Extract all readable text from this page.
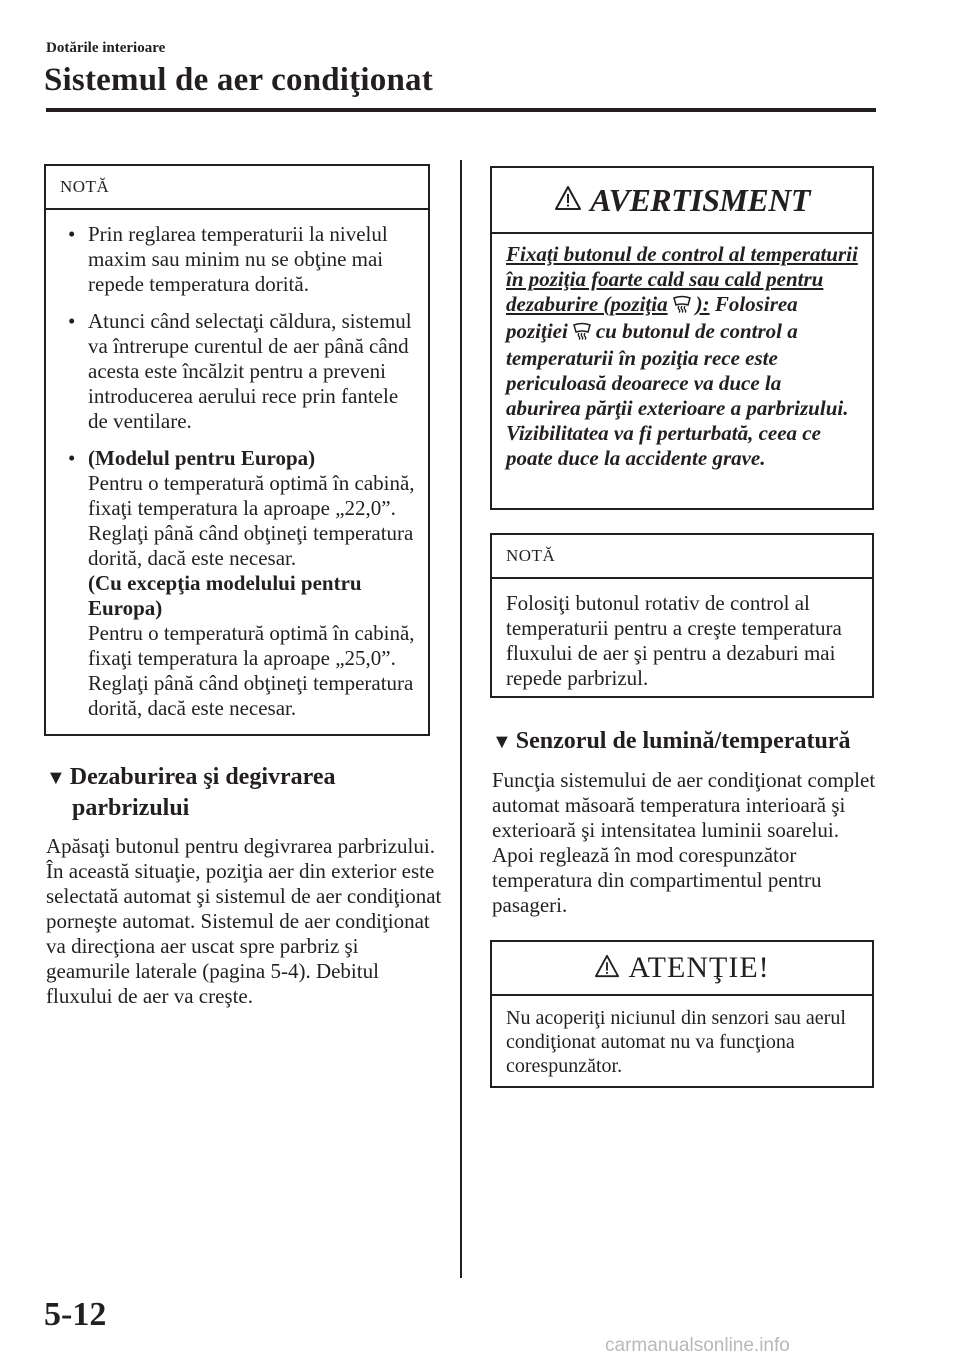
Dotările interioare
Sistemul de aer condiţionat
NOTĂ
• Prin reglarea temperaturii la nivelul maxim sau minim nu se obţine mai repede temperatura dorită.
• Atunci când selectaţi căldura, sistemul va întrerupe curentul de aer până când acesta este încălzit pentru a preveni introducerea aerului rece prin fantele de ventilare.
• (Modelul pentru Europa)
Pentru o temperatură optimă în cabină, fixaţi temperatura la aproape „22,0”. Reglaţi până când obţineţi temperatura dorită, dacă este necesar.
(Cu excepţia modelului pentru Europa)
Pentru o temperatură optimă în cabină, fixaţi temperatura la aproape „25,0”. Reglaţi până când obţineţi temperatura dorită, dacă este necesar.
▼ Dezaburirea şi degivrarea
parbrizului
Apăsaţi butonul pentru degivrarea parbrizului. În această situaţie, poziţia aer din exterior este selectată automat şi sistemul de aer condiţionat porneşte automat. Sistemul de aer condiţionat va direcţiona aer uscat spre parbriz şi geamurile laterale (pagina 5-4). Debitul fluxului de aer va creşte.
AVERTISMENT
Fixaţi butonul de control al temperaturii în poziţia foarte cald sau cald pentru dezaburire (poziţia ): Folosirea poziţiei cu butonul de control a temperaturii în poziţia rece este periculoasă deoarece va duce la aburirea părţii exterioare a parbrizului. Vizibilitatea va fi perturbată, ceea ce poate duce la accidente grave.
NOTĂ
Folosiţi butonul rotativ de control al temperaturii pentru a creşte temperatura fluxului de aer şi pentru a dezaburi mai repede parbrizul.
▼ Senzorul de lumină/temperatură
Funcţia sistemului de aer condiţionat complet automat măsoară temperatura interioară şi exterioară şi intensitatea luminii soarelui. Apoi reglează în mod corespunzător temperatura din compartimentul pentru pasageri.
ATENŢIE!
Nu acoperiţi niciunul din senzori sau aerul condiţionat automat nu va funcţiona corespunzător.
5-12
carmanualsonline.info
